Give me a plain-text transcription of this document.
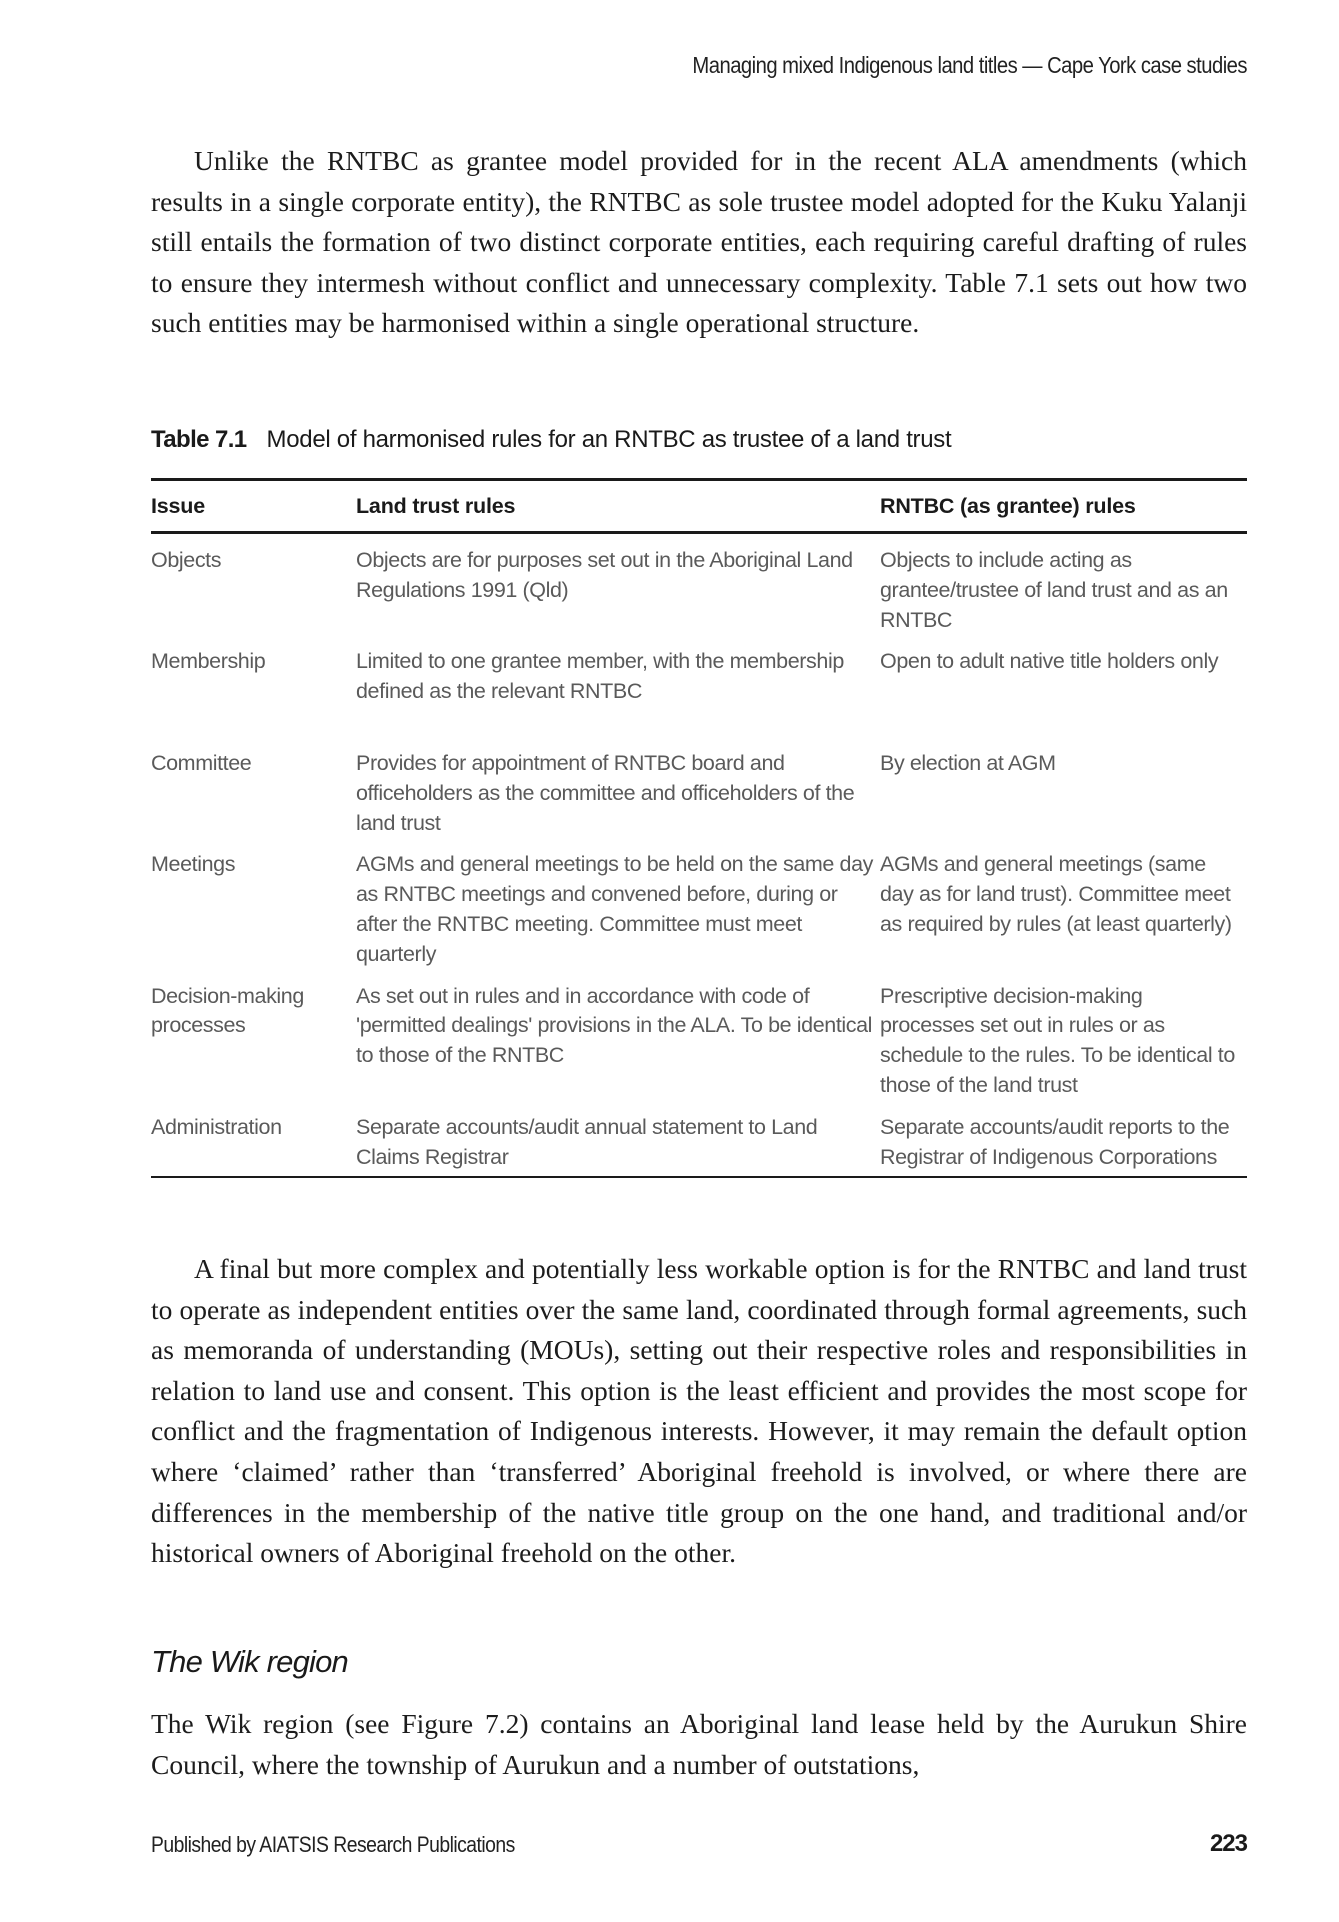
Managing mixed Indigenous land titles — Cape York case studies

Unlike the RNTBC as grantee model provided for in the recent ALA amendments (which results in a single corporate entity), the RNTBC as sole trustee model adopted for the Kuku Yalanji still entails the formation of two distinct corporate entities, each requiring careful drafting of rules to ensure they intermesh without conflict and unnecessary complexity. Table 7.1 sets out how two such entities may be harmonised within a single operational structure.

Table 7.1 Model of harmonised rules for an RNTBC as trustee of a land trust
Issue	Land trust rules	RNTBC (as grantee) rules
Objects	Objects are for purposes set out in the Aboriginal Land Regulations 1991 (Qld)	Objects to include acting as grantee/trustee of land trust and as an RNTBC
Membership	Limited to one grantee member, with the membership defined as the relevant RNTBC	Open to adult native title holders only
Committee	Provides for appointment of RNTBC board and officeholders as the committee and officeholders of the land trust	By election at AGM
Meetings	AGMs and general meetings to be held on the same day as RNTBC meetings and convened before, during or after the RNTBC meeting. Committee must meet quarterly	AGMs and general meetings (same day as for land trust). Committee meet as required by rules (at least quarterly)
Decision-making processes	As set out in rules and in accordance with code of 'permitted dealings' provisions in the ALA. To be identical to those of the RNTBC	Prescriptive decision-making processes set out in rules or as schedule to the rules. To be identical to those of the land trust
Administration	Separate accounts/audit annual statement to Land Claims Registrar	Separate accounts/audit reports to the Registrar of Indigenous Corporations

A final but more complex and potentially less workable option is for the RNTBC and land trust to operate as independent entities over the same land, coordinated through formal agreements, such as memoranda of understanding (MOUs), setting out their respective roles and responsibilities in relation to land use and consent. This option is the least efficient and provides the most scope for conflict and the fragmentation of Indigenous interests. However, it may remain the default option where ‘claimed’ rather than ‘transferred’ Aboriginal freehold is involved, or where there are differences in the membership of the native title group on the one hand, and traditional and/or historical owners of Aboriginal freehold on the other.

The Wik region

The Wik region (see Figure 7.2) contains an Aboriginal land lease held by the Aurukun Shire Council, where the township of Aurukun and a number of outstations,

Published by AIATSIS Research Publications	223
